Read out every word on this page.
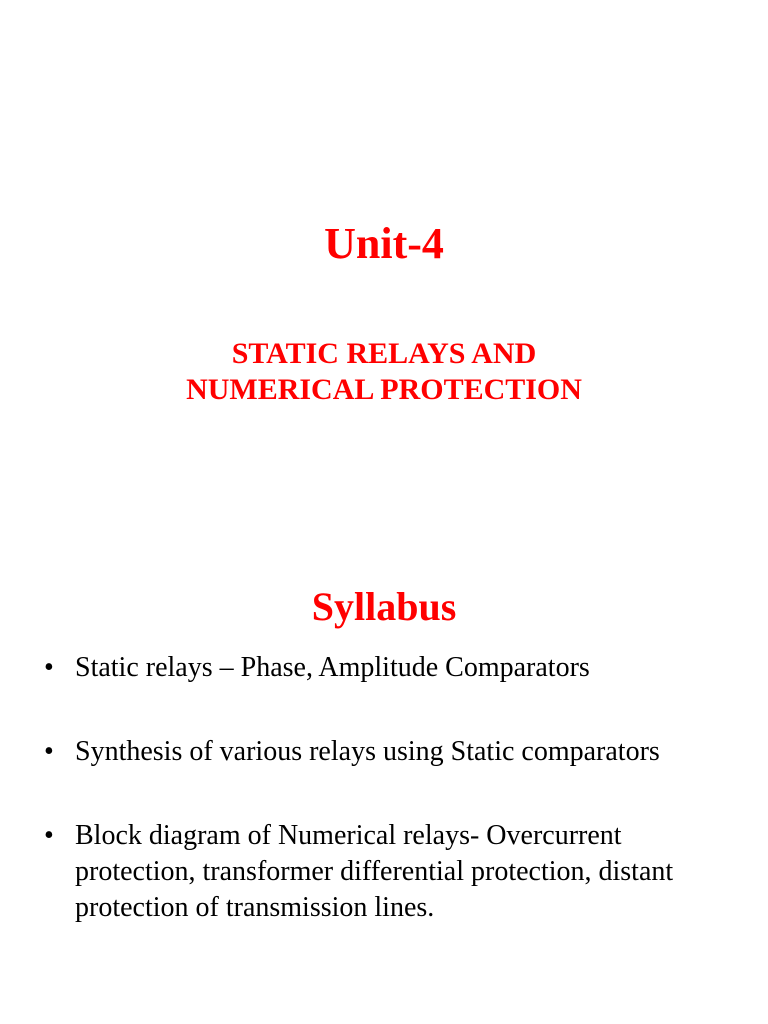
Unit-4
STATIC RELAYS AND
NUMERICAL PROTECTION
Syllabus
• Static relays – Phase, Amplitude Comparators
• Synthesis of various relays using Static comparators
• Block diagram of Numerical relays- Overcurrent protection, transformer differential protection, distant protection of transmission lines.
